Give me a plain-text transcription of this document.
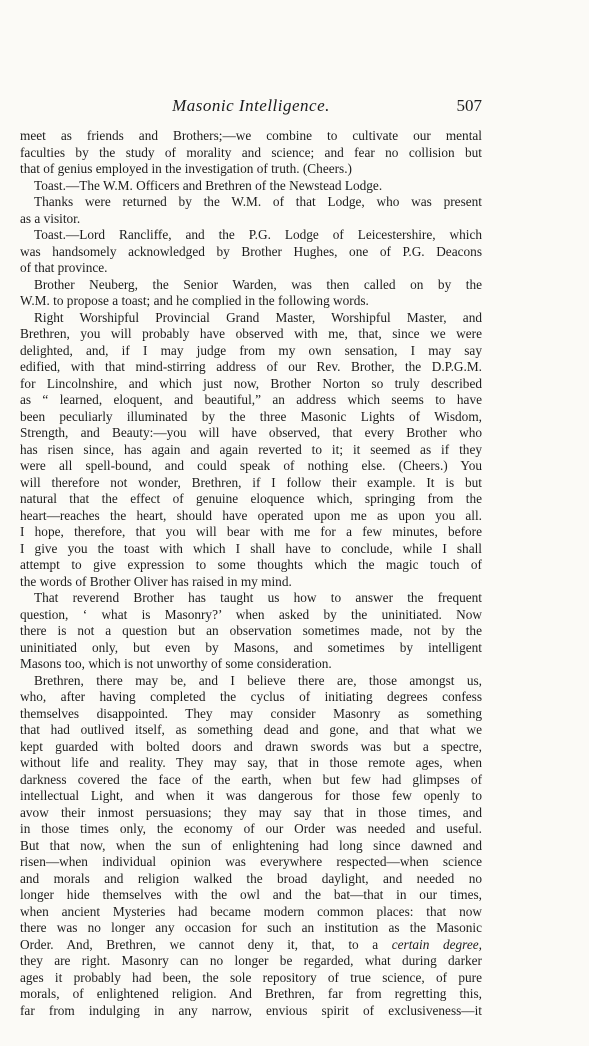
Masonic Intelligence.	507
meet as friends and Brothers;—we combine to cultivate our mental
faculties by the study of morality and science; and fear no collision but
that of genius employed in the investigation of truth. (Cheers.)
Toast.—The W.M. Officers and Brethren of the Newstead Lodge.
Thanks were returned by the W.M. of that Lodge, who was present
as a visitor.
Toast.—Lord Rancliffe, and the P.G. Lodge of Leicestershire, which
was handsomely acknowledged by Brother Hughes, one of P.G. Deacons
of that province.
Brother Neuberg, the Senior Warden, was then called on by the
W.M. to propose a toast; and he complied in the following words.
Right Worshipful Provincial Grand Master, Worshipful Master, and
Brethren, you will probably have observed with me, that, since we were
delighted, and, if I may judge from my own sensation, I may say
edified, with that mind-stirring address of our Rev. Brother, the D.P.G.M.
for Lincolnshire, and which just now, Brother Norton so truly described
as “ learned, eloquent, and beautiful,” an address which seems to have
been peculiarly illuminated by the three Masonic Lights of Wisdom,
Strength, and Beauty:—you will have observed, that every Brother who
has risen since, has again and again reverted to it; it seemed as if they
were all spell-bound, and could speak of nothing else. (Cheers.) You
will therefore not wonder, Brethren, if I follow their example. It is but
natural that the effect of genuine eloquence which, springing from the
heart—reaches the heart, should have operated upon me as upon you all.
I hope, therefore, that you will bear with me for a few minutes, before
I give you the toast with which I shall have to conclude, while I shall
attempt to give expression to some thoughts which the magic touch of
the words of Brother Oliver has raised in my mind.
That reverend Brother has taught us how to answer the frequent
question, ‘ what is Masonry?’ when asked by the uninitiated. Now
there is not a question but an observation sometimes made, not by the
uninitiated only, but even by Masons, and sometimes by intelligent
Masons too, which is not unworthy of some consideration.
Brethren, there may be, and I believe there are, those amongst us,
who, after having completed the cyclus of initiating degrees confess
themselves disappointed. They may consider Masonry as something
that had outlived itself, as something dead and gone, and that what we
kept guarded with bolted doors and drawn swords was but a spectre,
without life and reality. They may say, that in those remote ages, when
darkness covered the face of the earth, when but few had glimpses of
intellectual Light, and when it was dangerous for those few openly to
avow their inmost persuasions; they may say that in those times, and
in those times only, the economy of our Order was needed and useful.
But that now, when the sun of enlightening had long since dawned and
risen—when individual opinion was everywhere respected—when science
and morals and religion walked the broad daylight, and needed no
longer hide themselves with the owl and the bat—that in our times,
when ancient Mysteries had became modern common places: that now
there was no longer any occasion for such an institution as the Masonic
Order. And, Brethren, we cannot deny it, that, to a certain degree,
they are right. Masonry can no longer be regarded, what during darker
ages it probably had been, the sole repository of true science, of pure
morals, of enlightened religion. And Brethren, far from regretting this,
far from indulging in any narrow, envious spirit of exclusiveness—it
